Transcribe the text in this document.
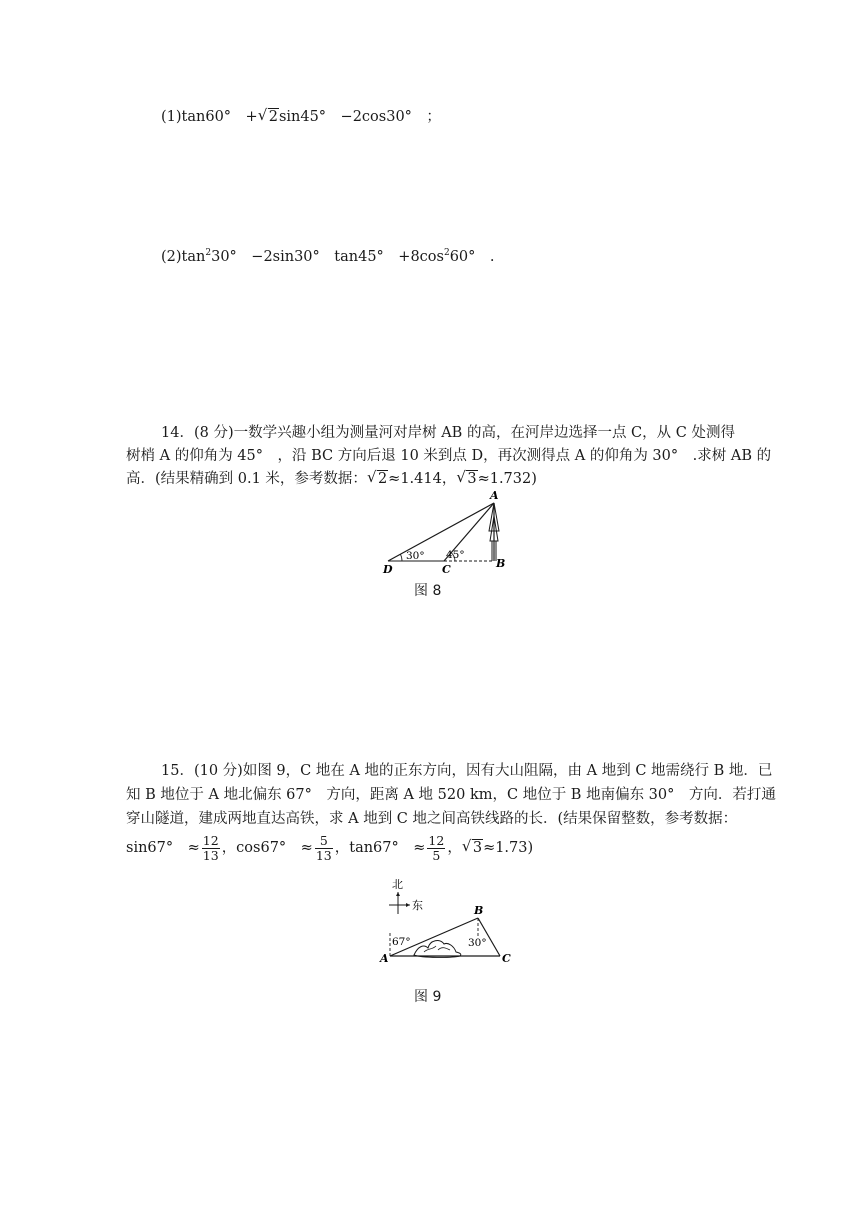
(1)tan60°　+ √ 2sin45°　−2cos30°　；
$(2)\tan^230^\circ$　−2sin30°　tan45°　$+8\cos^260^\circ$　.
14．(8 分)一数学兴趣小组为测量河对岸树 AB 的高，在河岸边选择一点 C，从 C 处测得
树梢 A 的仰角为 45°　，沿 BC 方向后退 10 米到点 D，再次测得点 A 的仰角为 30°　.求树 AB 的
高．(结果精确到 0.1 米，参考数据： √ 2≈1.414， √ 3≈1.732)
30° 45°
A
B
C
D
图 8
15．(10 分)如图 9，C 地在 A 地的正东方向，因有大山阻隔，由 A 地到 C 地需绕行 B 地．已
知 B 地位于 A 地北偏东 67°　方向，距离 A 地 520 km，C 地位于 B 地南偏东 30°　方向．若打通
穿山隧道，建成两地直达高铁，求 A 地到 C 地之间高铁线路的长．(结果保留整数，参考数据：
sin67°　≈ $\frac{12}{13}$ ，cos67°　≈ $\frac{5}{13}$ ，tan67°　≈ $\frac{12}{5}$ ， √ 3≈1.73)
北
东
67°	30°
A
B
C
图 9
